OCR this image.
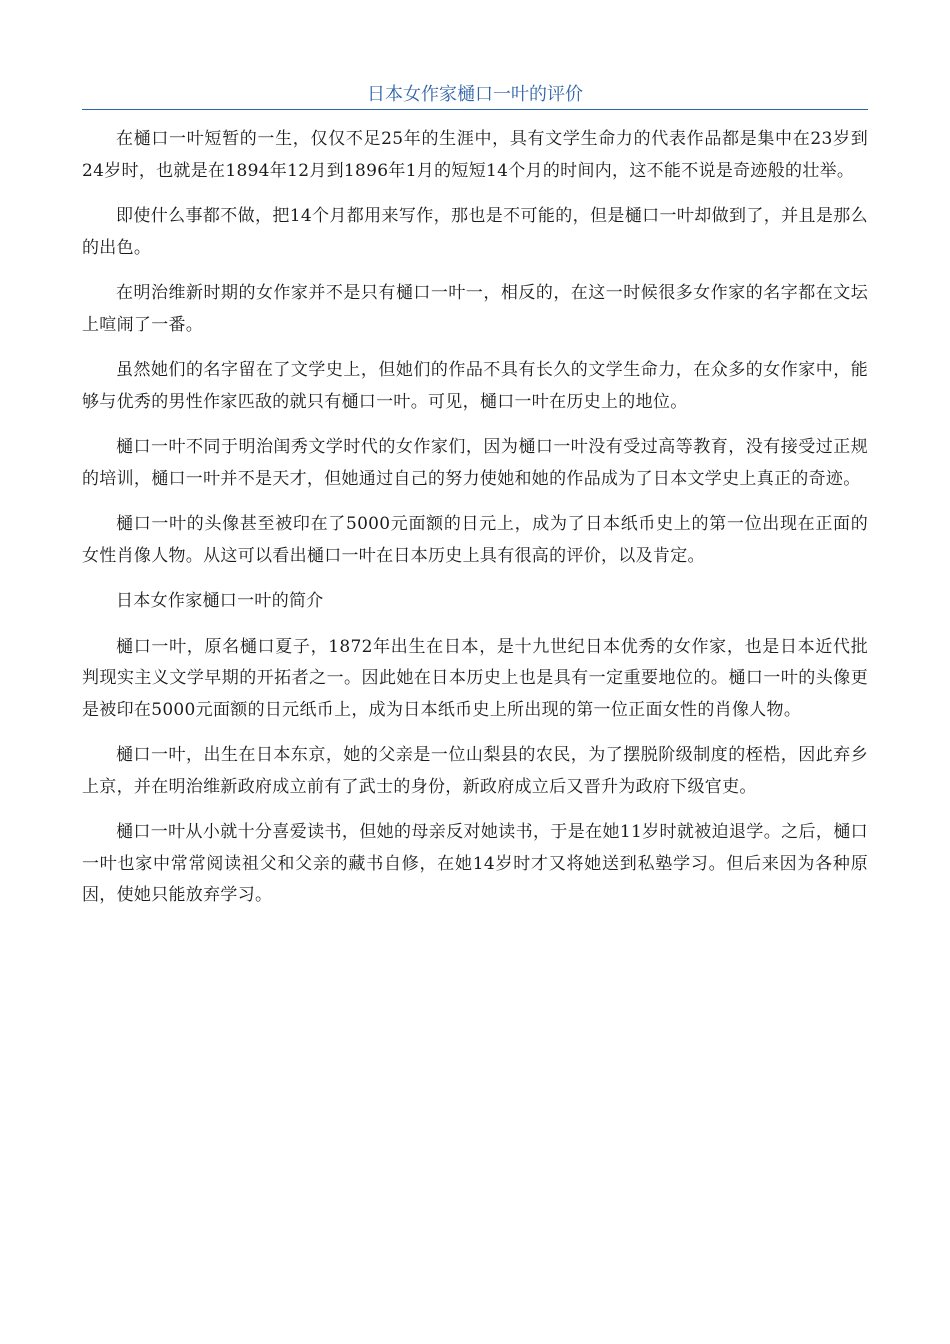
日本女作家樋口一叶的评价

在樋口一叶短暂的一生，仅仅不足25年的生涯中，具有文学生命力的代表作品都是集中在23岁到24岁时，也就是在1894年12月到1896年1月的短短14个月的时间内，这不能不说是奇迹般的壮举。

即使什么事都不做，把14个月都用来写作，那也是不可能的，但是樋口一叶却做到了，并且是那么的出色。

在明治维新时期的女作家并不是只有樋口一叶一，相反的，在这一时候很多女作家的名字都在文坛上喧闹了一番。

虽然她们的名字留在了文学史上，但她们的作品不具有长久的文学生命力，在众多的女作家中，能够与优秀的男性作家匹敌的就只有樋口一叶。可见，樋口一叶在历史上的地位。

樋口一叶不同于明治闺秀文学时代的女作家们，因为樋口一叶没有受过高等教育，没有接受过正规的培训，樋口一叶并不是天才，但她通过自己的努力使她和她的作品成为了日本文学史上真正的奇迹。

樋口一叶的头像甚至被印在了5000元面额的日元上，成为了日本纸币史上的第一位出现在正面的女性肖像人物。从这可以看出樋口一叶在日本历史上具有很高的评价，以及肯定。

日本女作家樋口一叶的简介

樋口一叶，原名樋口夏子，1872年出生在日本，是十九世纪日本优秀的女作家，也是日本近代批判现实主义文学早期的开拓者之一。因此她在日本历史上也是具有一定重要地位的。樋口一叶的头像更是被印在5000元面额的日元纸币上，成为日本纸币史上所出现的第一位正面女性的肖像人物。

樋口一叶，出生在日本东京，她的父亲是一位山梨县的农民，为了摆脱阶级制度的桎梏，因此弃乡上京，并在明治维新政府成立前有了武士的身份，新政府成立后又晋升为政府下级官吏。

樋口一叶从小就十分喜爱读书，但她的母亲反对她读书，于是在她11岁时就被迫退学。之后，樋口一叶也家中常常阅读祖父和父亲的藏书自修，在她14岁时才又将她送到私塾学习。但后来因为各种原因，使她只能放弃学习。
